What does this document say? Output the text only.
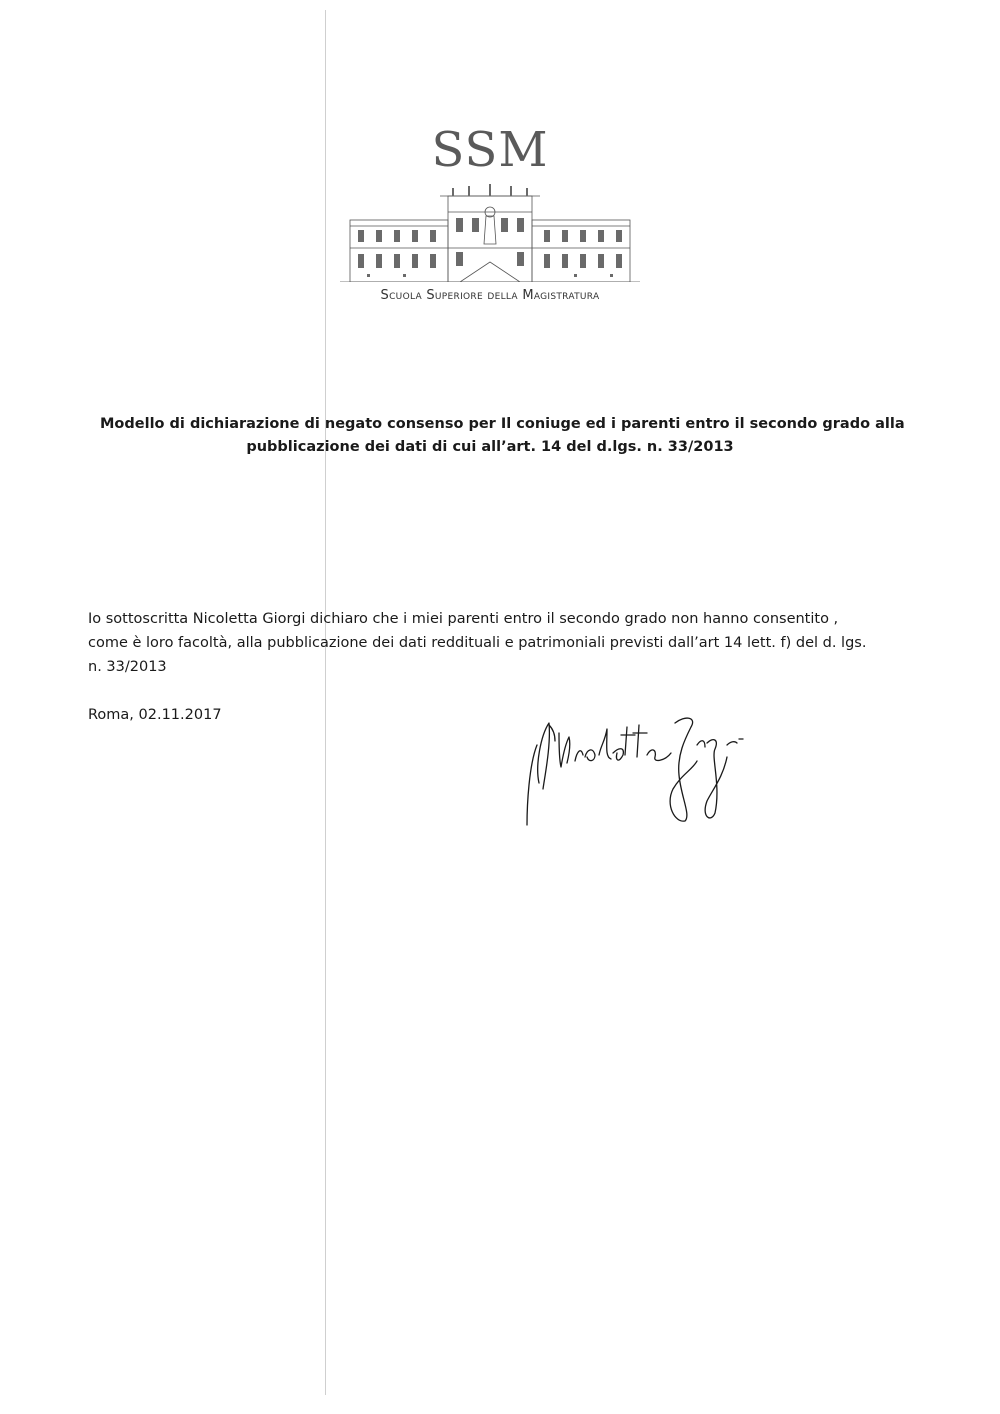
SSM
Scuola Superiore della Magistratura
Modello di dichiarazione di negato consenso per Il coniuge ed i parenti entro il secondo grado alla
pubblicazione dei dati di cui all’art. 14 del d.lgs. n. 33/2013
Io sottoscritta Nicoletta Giorgi dichiaro che i miei parenti entro il secondo grado non hanno consentito ,
come è loro facoltà, alla pubblicazione dei dati reddituali e patrimoniali previsti dall’art 14 lett. f) del d. lgs.
n. 33/2013
Roma, 02.11.2017
